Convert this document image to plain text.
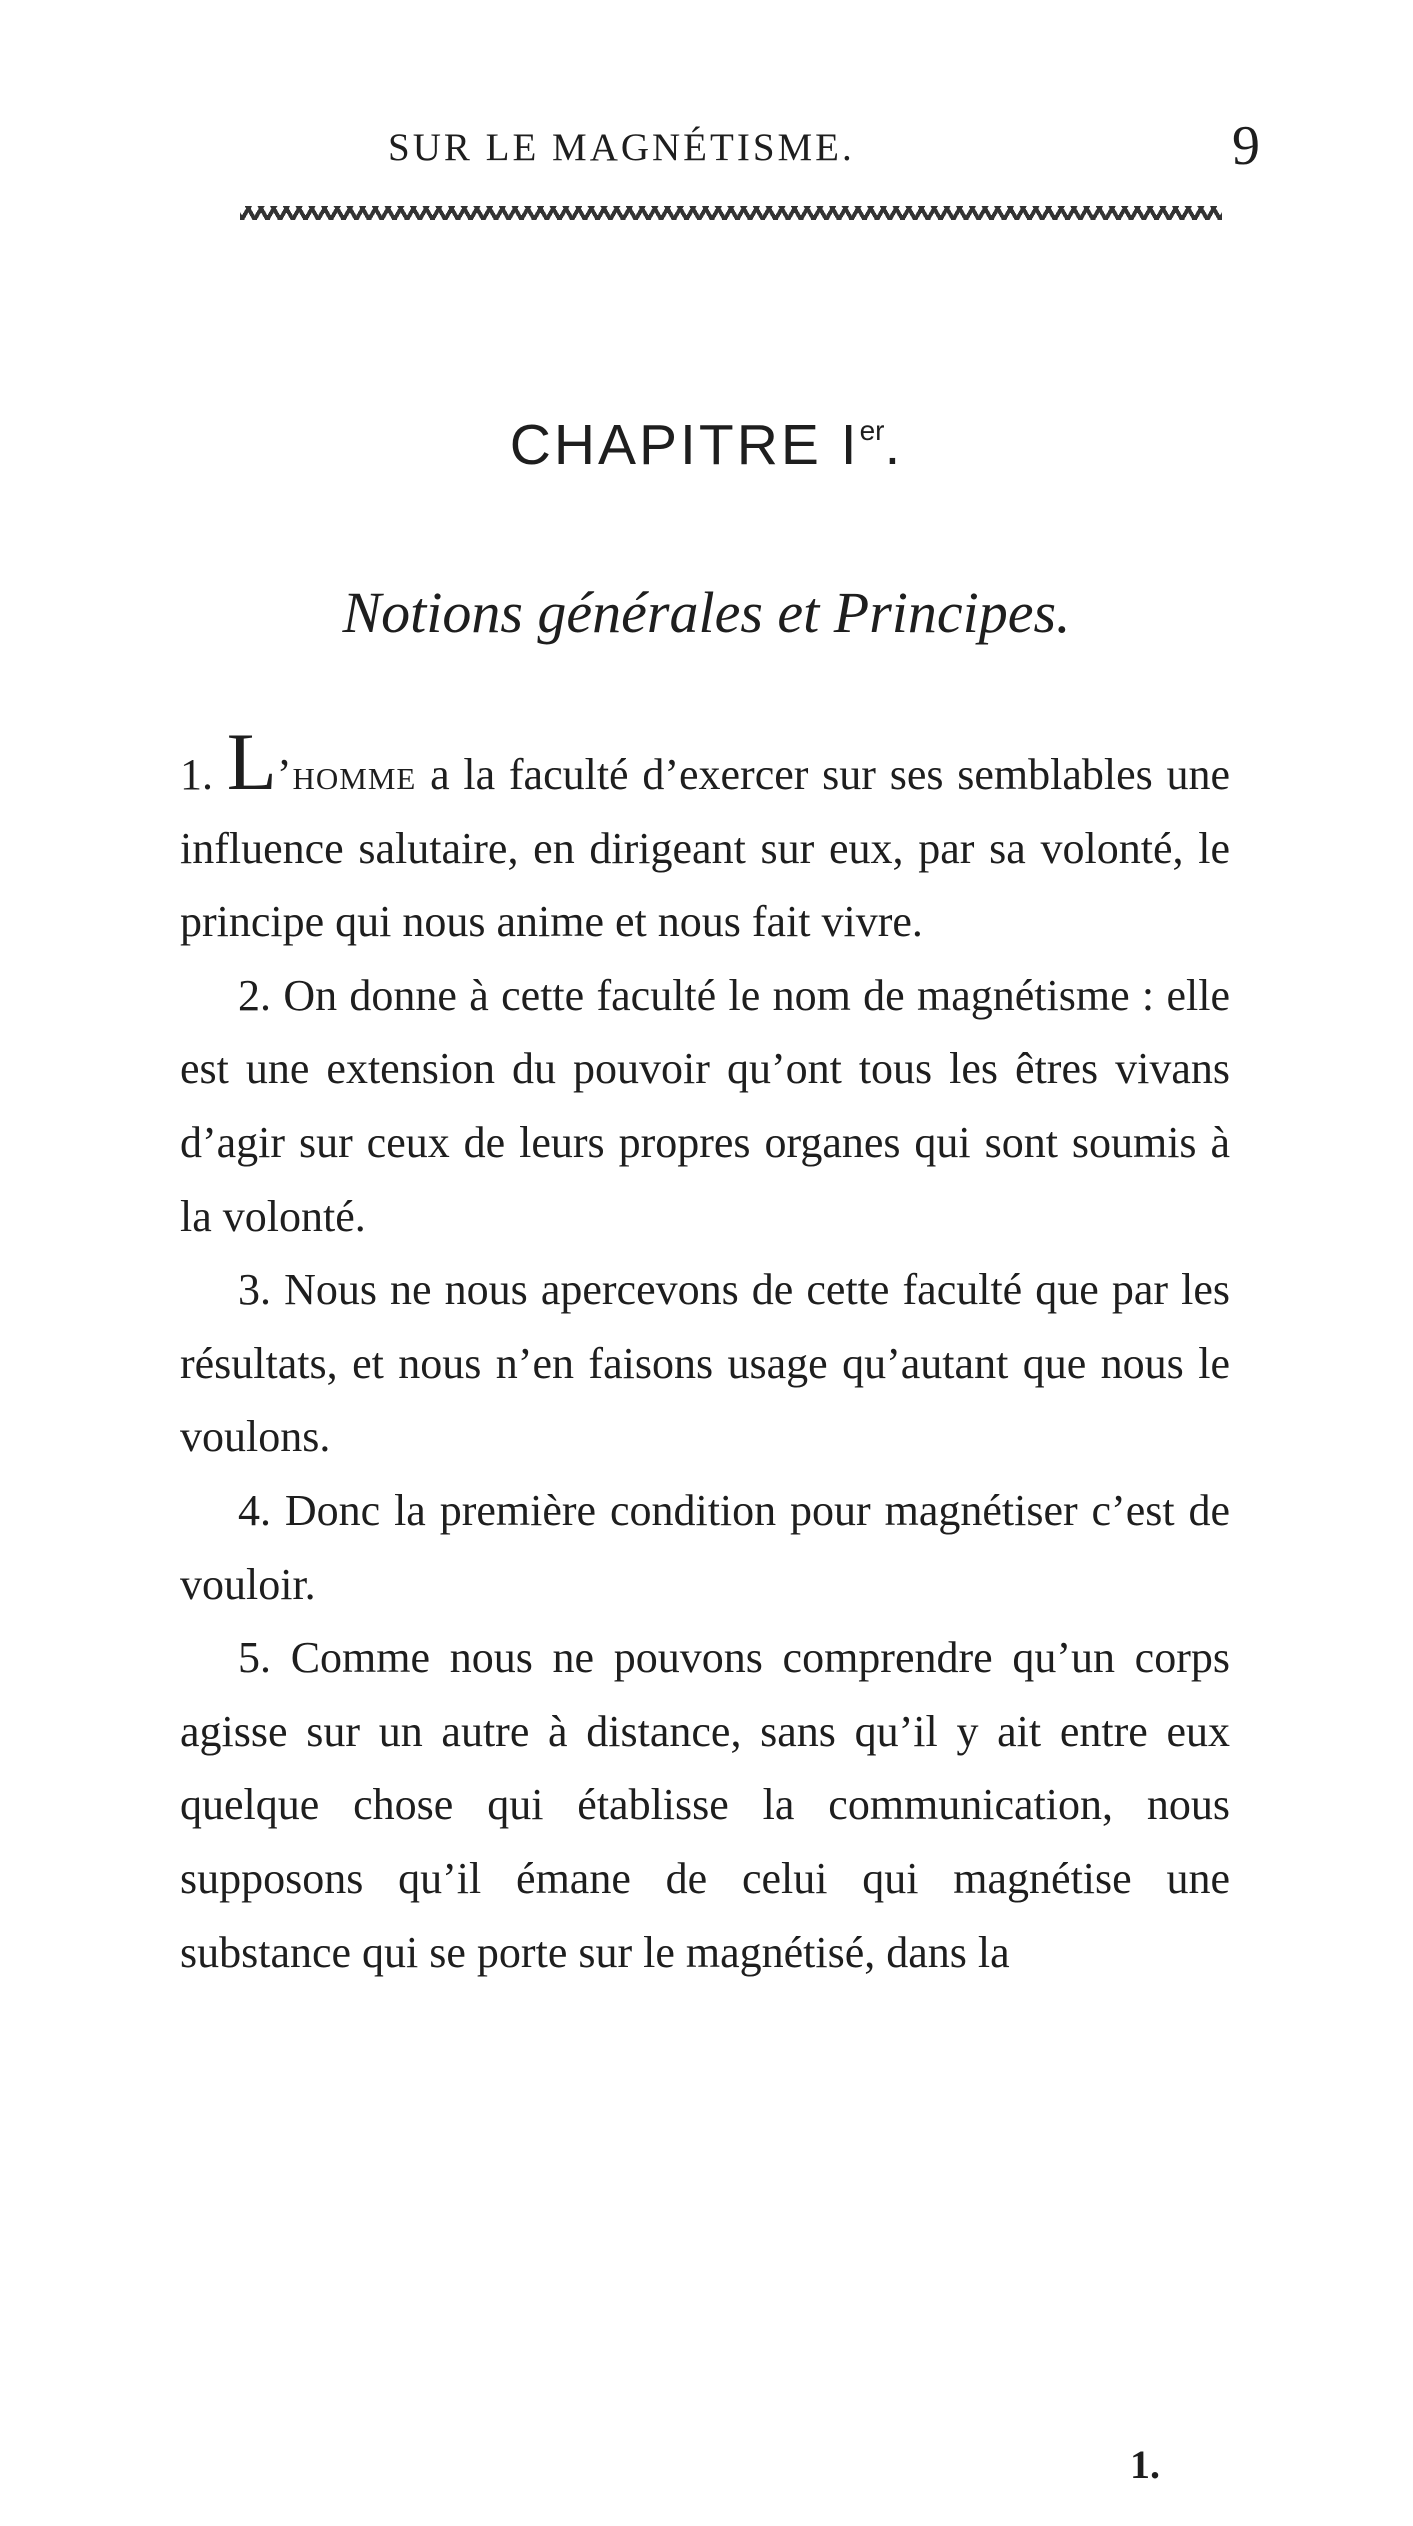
SUR LE MAGNÉTISME.	9
CHAPITRE Ier.
Notions générales et Principes.

1. L’homme a la faculté d’exercer sur ses semblables une influence salutaire, en dirigeant sur eux, par sa volonté, le principe qui nous anime et nous fait vivre.

2. On donne à cette faculté le nom de magnétisme : elle est une extension du pouvoir qu’ont tous les êtres vivans d’agir sur ceux de leurs propres organes qui sont soumis à la volonté.

3. Nous ne nous apercevons de cette faculté que par les résultats, et nous n’en faisons usage qu’autant que nous le voulons.

4. Donc la première condition pour magnétiser c’est de vouloir.

5. Comme nous ne pouvons comprendre qu’un corps agisse sur un autre à distance, sans qu’il y ait entre eux quelque chose qui établisse la communication, nous supposons qu’il émane de celui qui magnétise une substance qui se porte sur le magnétisé, dans la

1.
